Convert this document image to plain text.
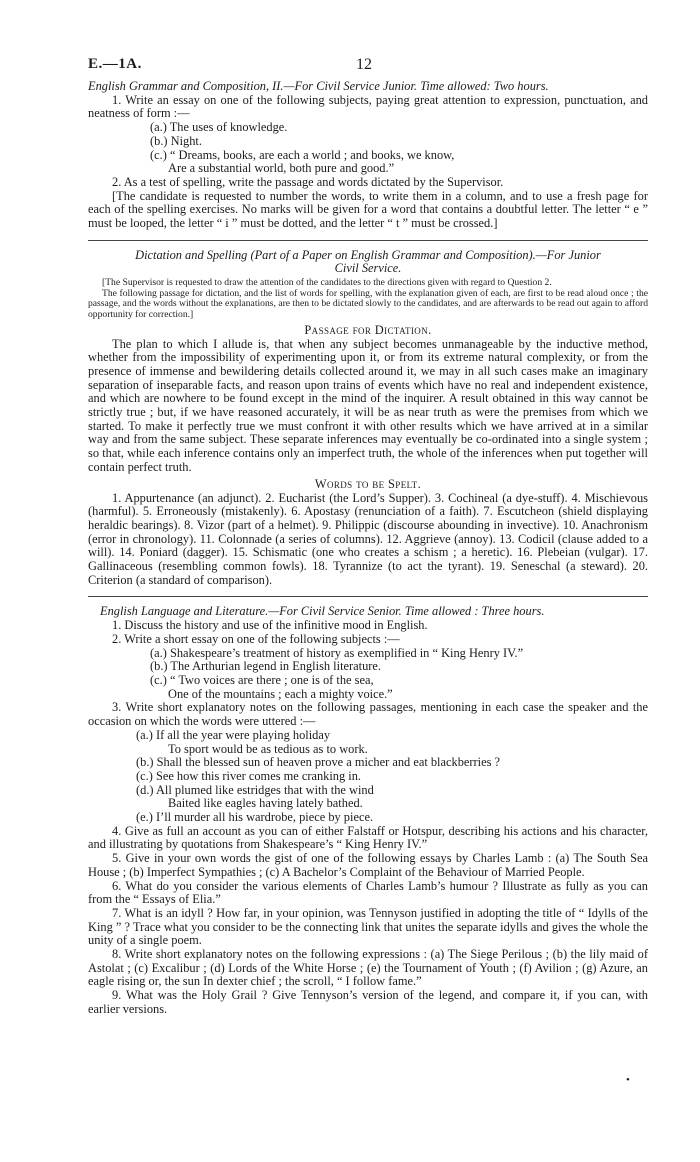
E.—1A.	12

English Grammar and Composition, II.—For Civil Service Junior. Time allowed: Two hours.

1. Write an essay on one of the following subjects, paying great attention to expression, punctuation, and neatness of form :—

(a.) The uses of knowledge.

(b.) Night.

(c.) “ Dreams, books, are each a world ; and books, we know,

Are a substantial world, both pure and good.”

2. As a test of spelling, write the passage and words dictated by the Supervisor.

[The candidate is requested to number the words, to write them in a column, and to use a fresh page for each of the spelling exercises. No marks will be given for a word that contains a doubtful letter. The letter “ e ” must be looped, the letter “ i ” must be dotted, and the letter “ t ” must be crossed.]

Dictation and Spelling (Part of a Paper on English Grammar and Composition).—For Junior
Civil Service.

[The Supervisor is requested to draw the attention of the candidates to the directions given with regard to Question 2.

The following passage for dictation, and the list of words for spelling, with the explanation given of each, are first to be read aloud once ; the passage, and the words without the explanations, are then to be dictated slowly to the candidates, and are afterwards to be read out again to afford opportunity for correction.]

Passage for Dictation.

The plan to which I allude is, that when any subject becomes unmanageable by the inductive method, whether from the impossibility of experimenting upon it, or from its extreme natural complexity, or from the presence of immense and bewildering details collected around it, we may in all such cases make an imaginary separation of inseparable facts, and reason upon trains of events which have no real and independent existence, and which are nowhere to be found except in the mind of the inquirer. A result obtained in this way cannot be strictly true ; but, if we have reasoned accurately, it will be as near truth as were the premises from which we started. To make it perfectly true we must confront it with other results which we have arrived at in a similar way and from the same subject. These separate inferences may eventually be co-ordinated into a single system ; so that, while each inference contains only an imperfect truth, the whole of the inferences when put together will contain perfect truth.

Words to be Spelt.

1. Appurtenance (an adjunct). 2. Eucharist (the Lord’s Supper). 3. Cochineal (a dye-stuff). 4. Mischievous (harmful). 5. Erroneously (mistakenly). 6. Apostasy (renunciation of a faith). 7. Escutcheon (shield displaying heraldic bearings). 8. Vizor (part of a helmet). 9. Philippic (discourse abounding in invective). 10. Anachronism (error in chronology). 11. Colonnade (a series of columns). 12. Aggrieve (annoy). 13. Codicil (clause added to a will). 14. Poniard (dagger). 15. Schismatic (one who creates a schism ; a heretic). 16. Plebeian (vulgar). 17. Gallinaceous (resembling common fowls). 18. Tyrannize (to act the tyrant). 19. Seneschal (a steward). 20. Criterion (a standard of comparison).

English Language and Literature.—For Civil Service Senior. Time allowed : Three hours.

1. Discuss the history and use of the infinitive mood in English.

2. Write a short essay on one of the following subjects :—

(a.) Shakespeare’s treatment of history as exemplified in “ King Henry IV.”

(b.) The Arthurian legend in English literature.

(c.) “ Two voices are there ; one is of the sea,

One of the mountains ; each a mighty voice.”

3. Write short explanatory notes on the following passages, mentioning in each case the speaker and the occasion on which the words were uttered :—

(a.) If all the year were playing holiday

To sport would be as tedious as to work.

(b.) Shall the blessed sun of heaven prove a micher and eat blackberries ?

(c.) See how this river comes me cranking in.

(d.) All plumed like estridges that with the wind

Baited like eagles having lately bathed.

(e.) I’ll murder all his wardrobe, piece by piece.

4. Give as full an account as you can of either Falstaff or Hotspur, describing his actions and his character, and illustrating by quotations from Shakespeare’s “ King Henry IV.”

5. Give in your own words the gist of one of the following essays by Charles Lamb : (a) The South Sea House ; (b) Imperfect Sympathies ; (c) A Bachelor’s Complaint of the Behaviour of Married People.

6. What do you consider the various elements of Charles Lamb’s humour ? Illustrate as fully as you can from the “ Essays of Elia.”

7. What is an idyll ? How far, in your opinion, was Tennyson justified in adopting the title of “ Idylls of the King ” ? Trace what you consider to be the connecting link that unites the separate idylls and gives the whole the unity of a single poem.

8. Write short explanatory notes on the following expressions : (a) The Siege Perilous ; (b) the lily maid of Astolat ; (c) Excalibur ; (d) Lords of the White Horse ; (e) the Tournament of Youth ; (f) Avilion ; (g) Azure, an eagle rising or, the sun In dexter chief ; the scroll, “ I follow fame.”

9. What was the Holy Grail ? Give Tennyson’s version of the legend, and compare it, if you can, with earlier versions.

•
